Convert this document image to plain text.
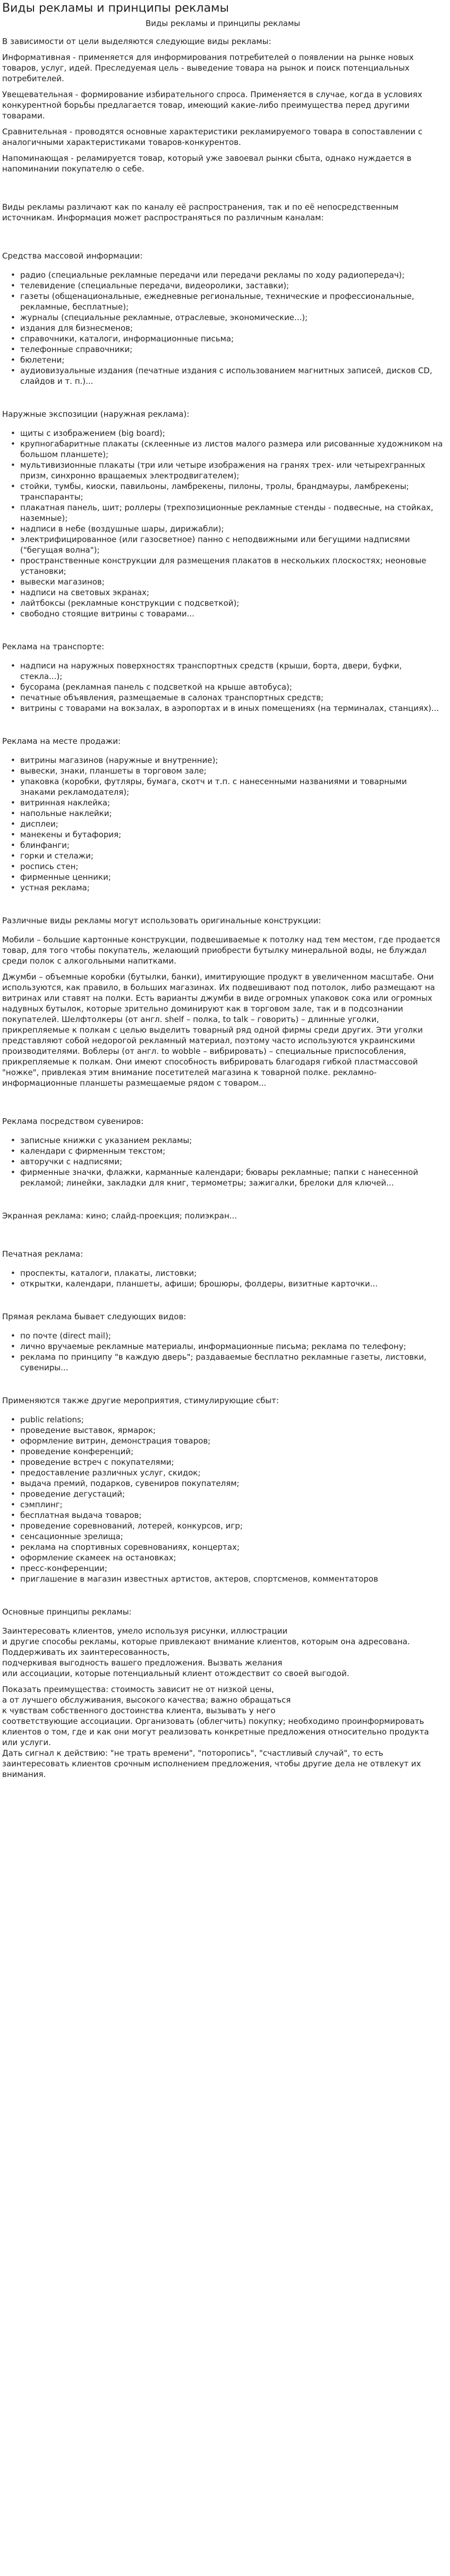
Виды рекламы и принципы рекламы
Виды рекламы и принципы рекламы
В зависимости от цели выделяются следующие виды рекламы:
Информативная - применяется для информирования потребителей о появлении на рынке новых товаров, услуг, идей. Преследуемая цель - выведение товара на рынок и поиск потенциальных потребителей.
Увещевательная - формирование избирательного спроса. Применяется в случае, когда в условиях конкурентной борьбы предлагается товар, имеющий какие-либо преимущества перед другими товарами.
Сравнительная - проводятся основные характеристики рекламируемого товара в сопоставлении с аналогичными характеристиками товаров-конкурентов.
Напоминающая - реламируется товар, который уже завоевал рынки сбыта, однако нуждается в напоминании покупателю о себе.
Виды рекламы различают как по каналу её распространения, так и по её непосредственным источникам. Информация может распространяться по различным каналам:
Средства массовой информации:
• радио (специальные рекламные передачи или передачи рекламы по ходу радиопередач);
• телевидение (специальные передачи, видеоролики, заставки);
• газеты (общенациональные, ежедневные региональные, технические и профессиональные, рекламные, бесплатные);
• журналы (специальные рекламные, отраслевые, экономические...);
• издания для бизнесменов;
• справочники, каталоги, информационные письма;
• телефонные справочники;
• бюлетени;
• аудиовизуальные издания (печатные издания с использованием магнитных записей, дисков CD, слайдов и т. п.)...
Наружные экспозиции (наружная реклама):
• щиты с изображением (big board);
• крупногабаритные плакаты (склеенные из листов малого размера или рисованные художником на большом планшете);
• мультивизионные плакаты (три или четыре изображения на гранях трех- или четырехгранных призм, синхронно вращаемых электродвигателем);
• стойки, тумбы, киоски, павильоны, ламбрекены, пилоны, тролы, брандмауры, ламбрекены; транспаранты;
• плакатная панель, шит; роллеры (трехпозиционные рекламные стенды - подвесные, на стойках, наземные);
• надписи в небе (воздушные шары, дирижабли);
• электрифицированное (или газосветное) панно с неподвижными или бегущими надписями ("бегущая волна");
• пространственные конструкции для размещения плакатов в нескольких плоскостях; неоновые установки;
• вывески магазинов;
• надписи на световых экранах;
• лайтбоксы (рекламные конструкции с подсветкой);
• свободно стоящие витрины с товарами...
Реклама на транспорте:
• надписи на наружных поверхностях транспортных средств (крыши, борта, двери, буфки, стекла...);
• бусорама (рекламная панель с подсветкой на крыше автобуса);
• печатные объявления, размещаемые в салонах транспортных средств;
• витрины с товарами на вокзалах, в аэропортах и в иных помещениях (на терминалах, станциях)...
Реклама на месте продажи:
• витрины магазинов (наружные и внутренние);
• вывески, знаки, планшеты в торговом зале;
• упаковка (коробки, футляры, бумага, скотч и т.п. с нанесенными названиями и товарными знаками рекламодателя);
• витринная наклейка;
• напольные наклейки;
• дисплеи;
• манекены и бутафория;
• блинфанги;
• горки и стелажи;
• роспись стен;
• фирменные ценники;
• устная реклама;
Различные виды рекламы могут использовать оригинальные конструкции:
Мобили – большие картонные конструкции, подвешиваемые к потолку над тем местом, где продается товар, для того чтобы покупатель, желающий приобрести бутылку минеральной воды, не блуждал среди полок с алкогольными напитками.
Джумби – объемные коробки (бутылки, банки), имитирующие продукт в увеличенном масштабе. Они используются, как правило, в больших магазинах. Их подвешивают под потолок, либо размещают на витринах или ставят на полки. Есть варианты джумби в виде огромных упаковок сока или огромных надувных бутылок, которые зрительно доминируют как в торговом зале, так и в подсознании покупателей. Шелфтолкеры (от англ. shelf – полка, to talk – говорить) – длинные уголки, прикрепляемые к полкам с целью выделить товарный ряд одной фирмы среди других. Эти уголки представляют собой недорогой рекламный материал, поэтому часто используются украинскими производителями. Воблеры (от англ. to wobble – вибрировать) – специальные приспособления, прикрепляемые к полкам. Они имеют способность вибрировать благодаря гибкой пластмассовой "ножке", привлекая этим внимание посетителей магазина к товарной полке. рекламно-информационные планшеты размещаемые рядом с товаром...
Реклама посредством сувениров:
• записные книжки с указанием рекламы;
• календари с фирменным текстом;
• авторучки с надписями;
• фирменные значки, флажки, карманные календари; бювары рекламные; папки с нанесенной рекламой; линейки, закладки для книг, термометры; зажигалки, брелоки для ключей...
Экранная реклама: кино; слайд-проекция; полиэкран...
Печатная реклама:
• проспекты, каталоги, плакаты, листовки;
• открытки, календари, планшеты, афиши; брошюры, фолдеры, визитные карточки...
Прямая реклама бывает следующих видов:
• по почте (direct mail);
• лично вручаемые рекламные материалы, информационные письма; реклама по телефону;
• реклама по принципу "в каждую дверь"; раздаваемые бесплатно рекламные газеты, листовки, сувениры...
Применяются также другие мероприятия, стимулирующие сбыт:
• public relations;
• проведение выставок, ярмарок;
• оформление витрин, демонстрация товаров;
• проведение конференций;
• проведение встреч с покупателями;
• предоставление различных услуг, скидок;
• выдача премий, подарков, сувениров покупателям;
• проведение дегустаций;
• сэмплинг;
• бесплатная выдача товаров;
• проведение соревнований, лотерей, конкурсов, игр;
• сенсационные зрелища;
• реклама на спортивных соревнованиях, концертах;
• оформление скамеек на остановках;
• пресс-конференции;
• приглашение в магазин известных артистов, актеров, спортсменов, комментаторов
Основные принципы рекламы:
Заинтересовать клиентов, умело используя рисунки, иллюстрации
и другие способы рекламы, которые привлекают внимание клиентов, которым она адресована. Поддерживать их заинтересованность,
подчеркивая выгодность вашего предложения. Вызвать желания
или ассоциации, которые потенциальный клиент отождествит со своей выгодой.
Показать преимущества: стоимость зависит не от низкой цены,
а от лучшего обслуживания, высокого качества; важно обращаться
к чувствам собственного достоинства клиента, вызывать у него
соответствующие ассоциации. Организовать (облегчить) покупку; необходимо проинформировать клиентов о том, где и как они могут реализовать конкретные предложения относительно продукта или услуги.
Дать сигнал к действию: "не трать времени", "поторопись", "счастливый случай", то есть заинтересовать клиентов срочным исполнением предложения, чтобы другие дела не отвлекут их внимания.
